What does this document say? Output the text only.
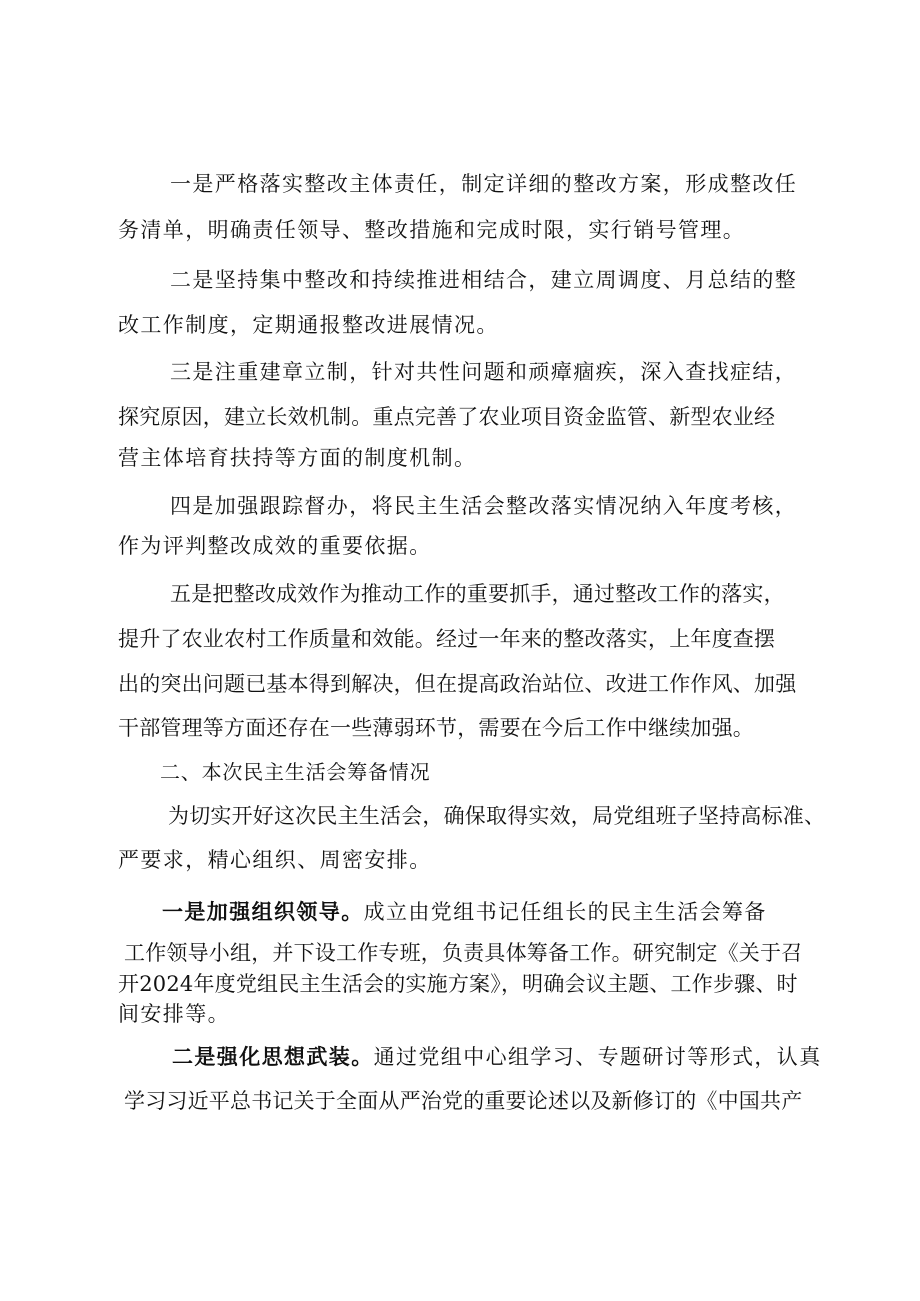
一是严格落实整改主体责任，制定详细的整改方案，形成整改任
务清单，明确责任领导、整改措施和完成时限，实行销号管理。
二是坚持集中整改和持续推进相结合，建立周调度、月总结的整
改工作制度，定期通报整改进展情况。
三是注重建章立制，针对共性问题和顽瘴痼疾，深入查找症结，
探究原因，建立长效机制。重点完善了农业项目资金监管、新型农业经
营主体培育扶持等方面的制度机制。
四是加强跟踪督办，将民主生活会整改落实情况纳入年度考核，
作为评判整改成效的重要依据。
五是把整改成效作为推动工作的重要抓手，通过整改工作的落实，
提升了农业农村工作质量和效能。经过一年来的整改落实，上年度查摆
出的突出问题已基本得到解决，但在提高政治站位、改进工作作风、加强
干部管理等方面还存在一些薄弱环节，需要在今后工作中继续加强。
二、本次民主生活会筹备情况
为切实开好这次民主生活会，确保取得实效，局党组班子坚持高标准、
严要求，精心组织、周密安排。
一是加强组织领导。成立由党组书记任组长的民主生活会筹备
工作领导小组，并下设工作专班，负责具体筹备工作。研究制定《关于召
开2024年度党组民主生活会的实施方案》，明确会议主题、工作步骤、时
间安排等。
二是强化思想武装。通过党组中心组学习、专题研讨等形式，认真
学习习近平总书记关于全面从严治党的重要论述以及新修订的《中国共产
